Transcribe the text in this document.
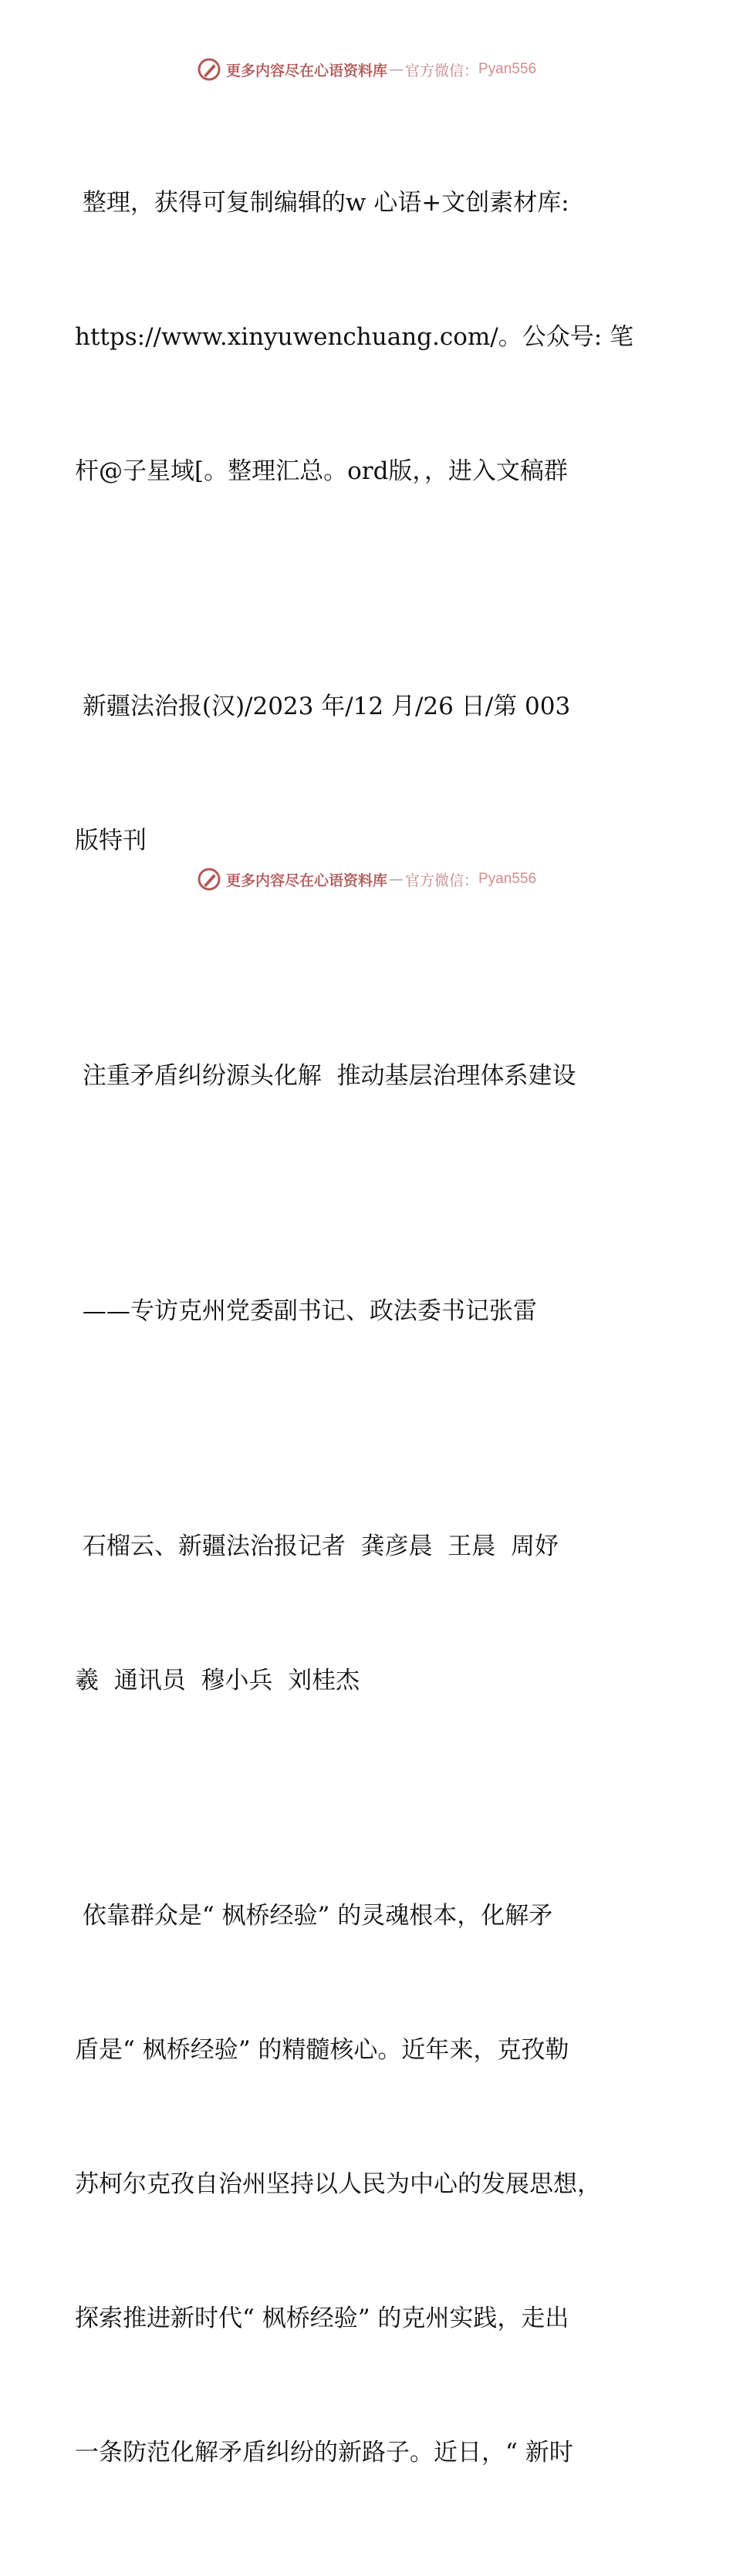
更多内容尽在心语资料库 — 官方微信： Pyan556

整理，获得可复制编辑的w 心语+文创素材库:

https://www.xinyuwenchuang.com/。公众号: 笔

杆@子星域[。整理汇总。ord版，，进入文稿群

新疆法治报(汉)/2023 年/12 月/26 日/第 003

版特刊

注重矛盾纠纷源头化解  推动基层治理体系建设

——专访克州党委副书记、政法委书记张雷

石榴云、新疆法治报记者  龚彦晨  王晨  周妤

羲  通讯员  穆小兵  刘桂杰

依靠群众是“ 枫桥经验” 的灵魂根本，化解矛

盾是“ 枫桥经验” 的精髓核心。近年来，克孜勒

苏柯尔克孜自治州坚持以人民为中心的发展思想，

探索推进新时代“ 枫桥经验” 的克州实践，走出

一条防范化解矛盾纠纷的新路子。近日，“ 新时

更多内容尽在心语资料库 — 官方微信： Pyan556
